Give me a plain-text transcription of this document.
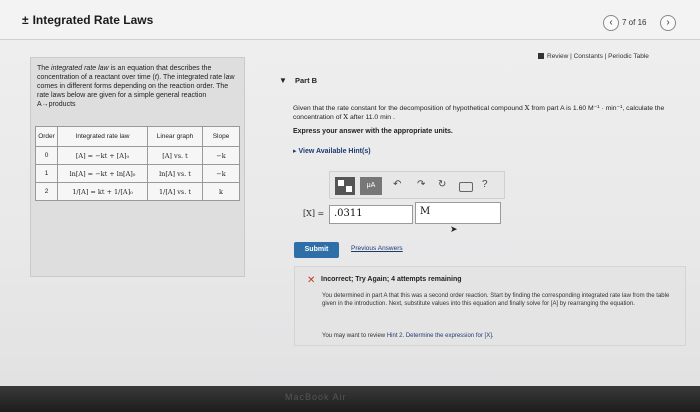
± Integrated Rate Laws	‹	7 of 16	›
Review | Constants | Periodic Table
The integrated rate law is an equation that describes the concentration of a reactant over time (t). The integrated rate law comes in different forms depending on the reaction order. The rate laws below are given for a simple general reaction A→products
Order	Integrated rate law	Linear graph	Slope
0	[A] = −kt + [A]₀	[A] vs. t	−k
1	ln[A] = −kt + ln[A]₀	ln[A] vs. t	−k
2	1/[A] = kt + 1/[A]₀	1/[A] vs. t	k
▼ Part B
Given that the rate constant for the decomposition of hypothetical compound X from part A is 1.60 M⁻¹ · min⁻¹, calculate the concentration of X after 11.0 min .
Express your answer with the appropriate units.
▸ View Available Hint(s)
μA	↶ ↷ ↻	?
[X] = .0311	M
➤
Submit	Previous Answers
✕ Incorrect; Try Again; 4 attempts remaining
You determined in part A that this was a second order reaction. Start by finding the corresponding integrated rate law from the table given in the introduction. Next, substitute values into this equation and finally solve for [A] by rearranging the equation.
You may want to review Hint 2. Determine the expression for [X].
MacBook Air
